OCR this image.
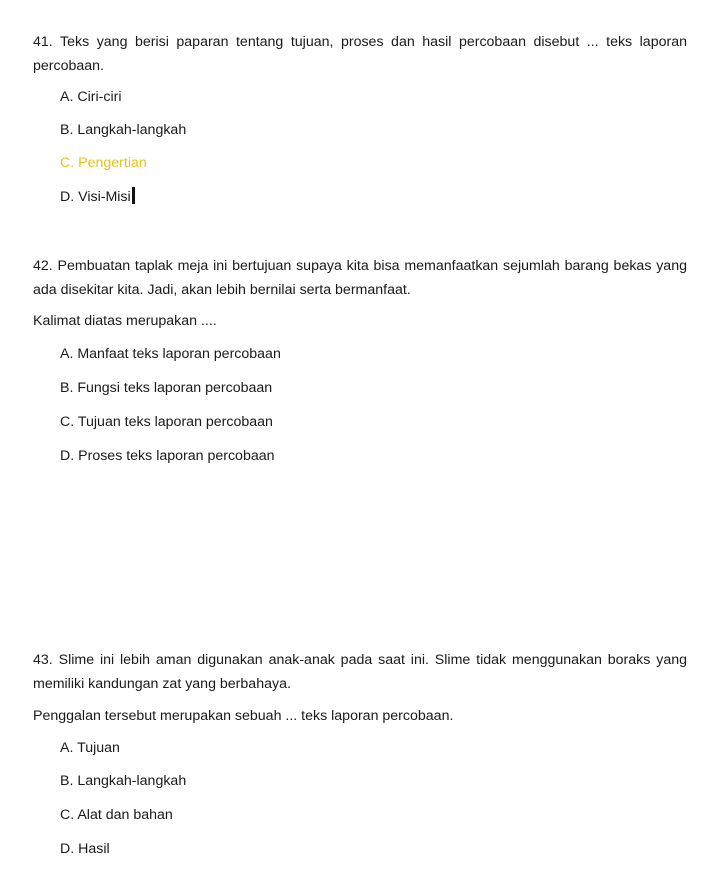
41. Teks yang berisi paparan tentang tujuan, proses dan hasil percobaan disebut ... teks laporan percobaan.

A. Ciri-ciri
B. Langkah-langkah
C. Pengertian
D. Visi-Misi

42. Pembuatan taplak meja ini bertujuan supaya kita bisa memanfaatkan sejumlah barang bekas yang ada disekitar kita. Jadi, akan lebih bernilai serta bermanfaat.

Kalimat diatas merupakan ....

A. Manfaat teks laporan percobaan
B. Fungsi teks laporan percobaan
C. Tujuan teks laporan percobaan
D. Proses teks laporan percobaan

43. Slime ini lebih aman digunakan anak-anak pada saat ini. Slime tidak menggunakan boraks yang memiliki kandungan zat yang berbahaya.

Penggalan tersebut merupakan sebuah ... teks laporan percobaan.

A. Tujuan
B. Langkah-langkah
C. Alat dan bahan
D. Hasil
